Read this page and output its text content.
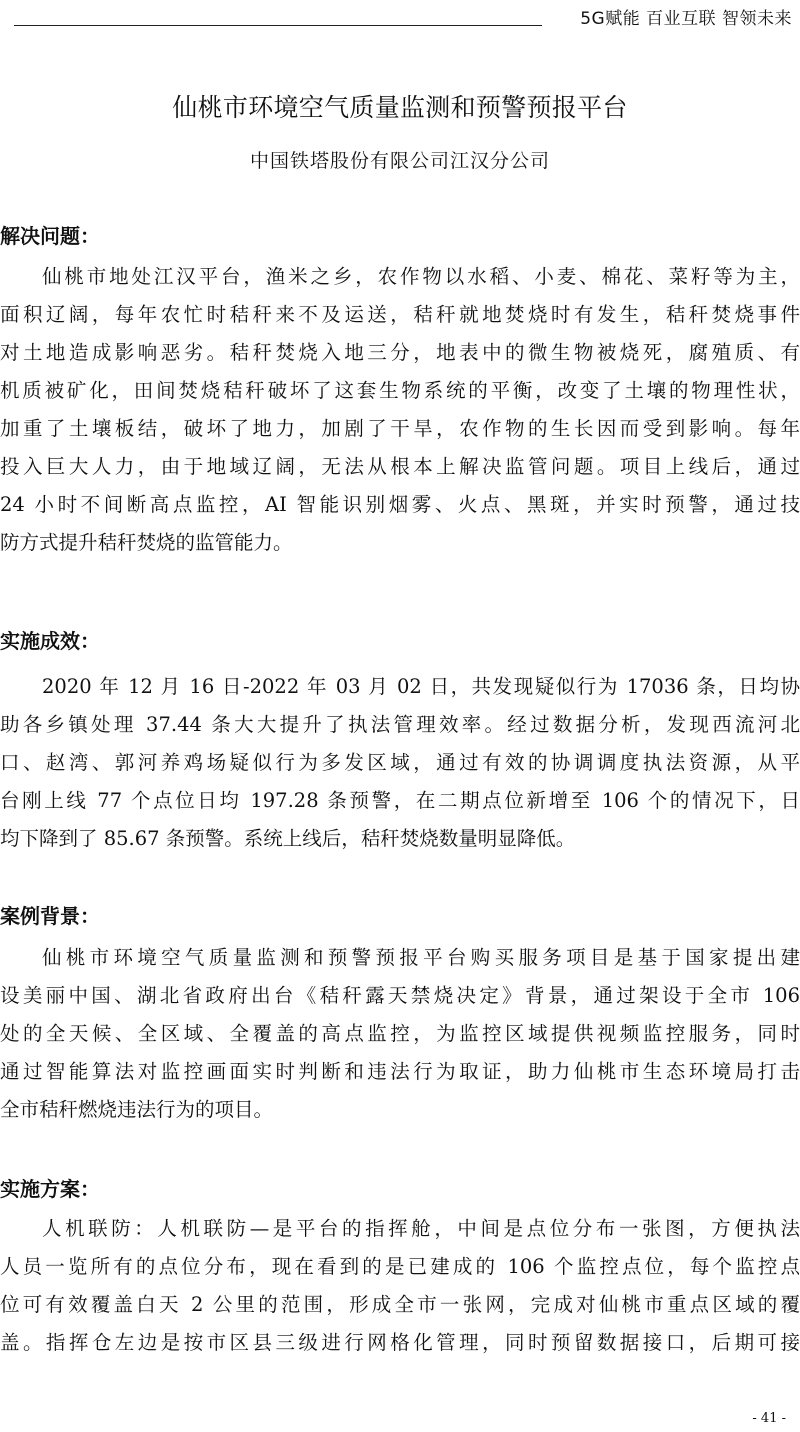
5G赋能 百业互联 智领未来
仙桃市环境空气质量监测和预警预报平台
中国铁塔股份有限公司江汉分公司
解决问题：
仙桃市地处江汉平台，渔米之乡，农作物以水稻、小麦、棉花、菜籽等为主，
面积辽阔，每年农忙时秸秆来不及运送，秸秆就地焚烧时有发生，秸秆焚烧事件
对土地造成影响恶劣。秸秆焚烧入地三分，地表中的微生物被烧死，腐殖质、有
机质被矿化，田间焚烧秸秆破坏了这套生物系统的平衡，改变了土壤的物理性状，
加重了土壤板结，破坏了地力，加剧了干旱，农作物的生长因而受到影响。每年
投入巨大人力，由于地域辽阔，无法从根本上解决监管问题。项目上线后，通过
24 小时不间断高点监控，AI 智能识别烟雾、火点、黑斑，并实时预警，通过技
防方式提升秸秆焚烧的监管能力。
实施成效：
2020 年 12 月 16 日-2022 年 03 月 02 日，共发现疑似行为 17036 条，日均协
助各乡镇处理 37.44 条大大提升了执法管理效率。经过数据分析，发现西流河北
口、赵湾、郭河养鸡场疑似行为多发区域，通过有效的协调调度执法资源，从平
台刚上线 77 个点位日均 197.28 条预警，在二期点位新增至 106 个的情况下，日
均下降到了 85.67 条预警。系统上线后，秸秆焚烧数量明显降低。
案例背景：
仙桃市环境空气质量监测和预警预报平台购买服务项目是基于国家提出建
设美丽中国、湖北省政府出台《秸秆露天禁烧决定》背景，通过架设于全市 106
处的全天候、全区域、全覆盖的高点监控，为监控区域提供视频监控服务，同时
通过智能算法对监控画面实时判断和违法行为取证，助力仙桃市生态环境局打击
全市秸秆燃烧违法行为的项目。
实施方案：
人机联防：人机联防—是平台的指挥舱，中间是点位分布一张图，方便执法
人员一览所有的点位分布，现在看到的是已建成的 106 个监控点位，每个监控点
位可有效覆盖白天 2 公里的范围，形成全市一张网，完成对仙桃市重点区域的覆
盖。指挥仓左边是按市区县三级进行网格化管理，同时预留数据接口，后期可接
- 41 -
